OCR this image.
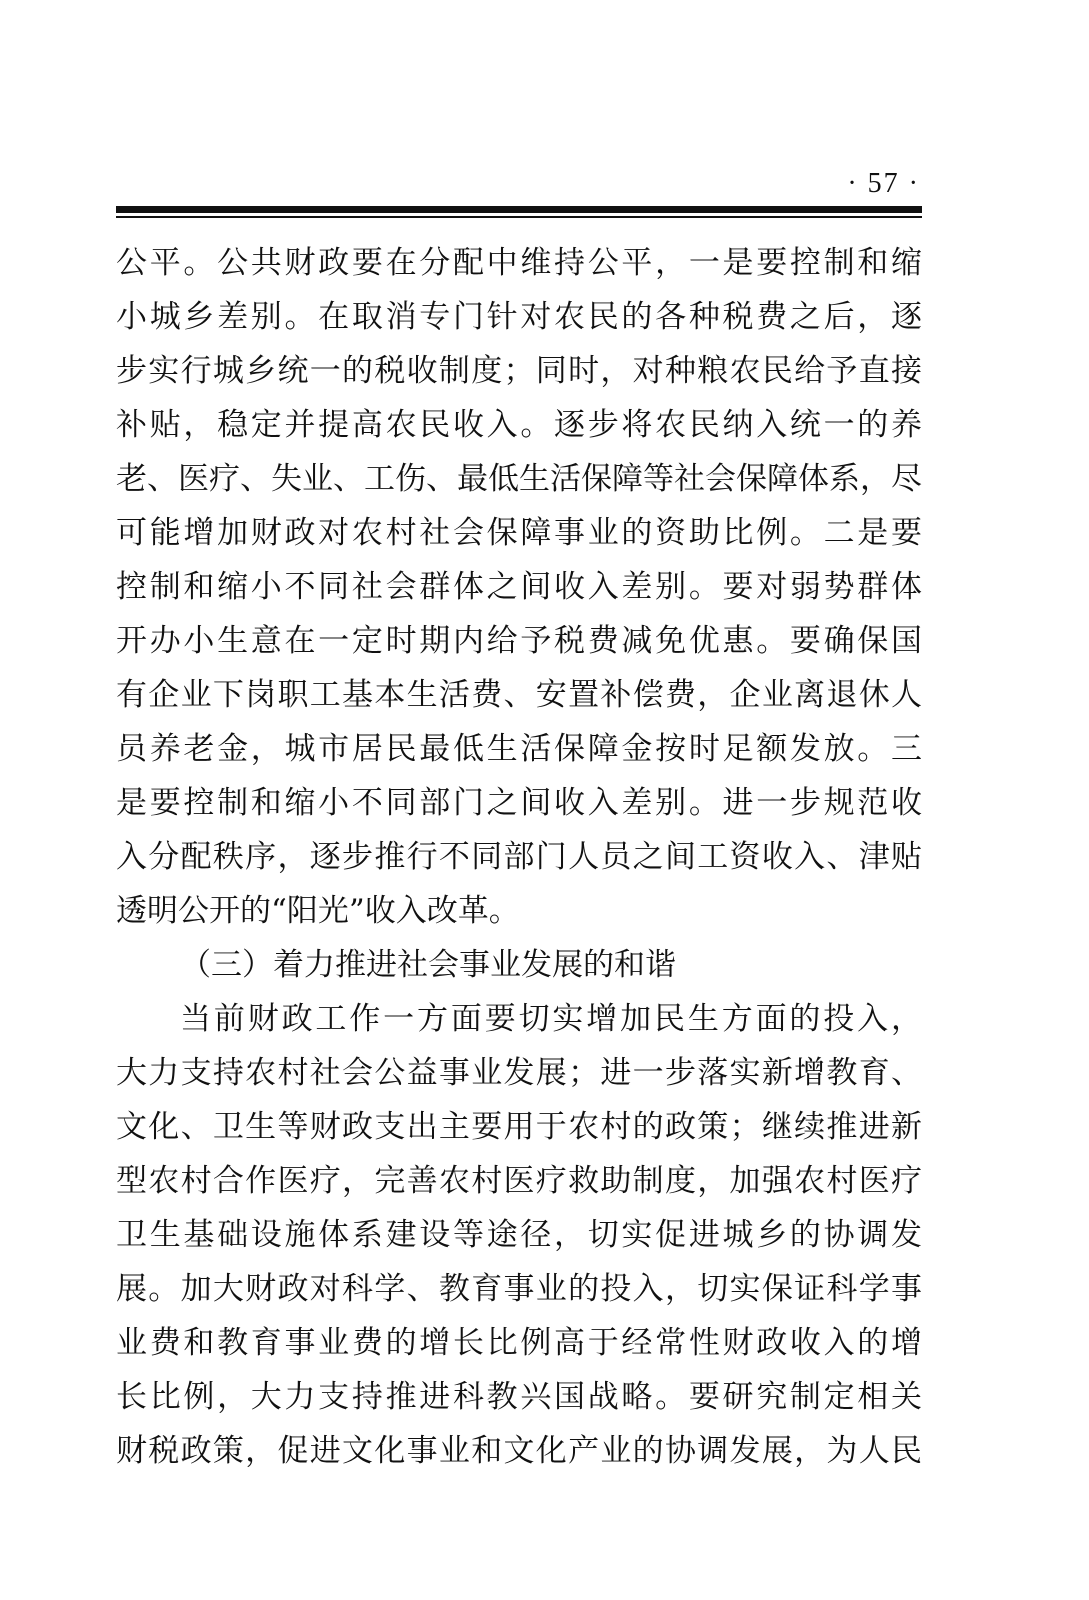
· 57 ·
公平。公共财政要在分配中维持公平，一是要控制和缩
小城乡差别。在取消专门针对农民的各种税费之后，逐
步实行城乡统一的税收制度；同时，对种粮农民给予直接
补贴，稳定并提高农民收入。逐步将农民纳入统一的养
老、医疗、失业、工伤、最低生活保障等社会保障体系，尽
可能增加财政对农村社会保障事业的资助比例。二是要
控制和缩小不同社会群体之间收入差别。要对弱势群体
开办小生意在一定时期内给予税费减免优惠。要确保国
有企业下岗职工基本生活费、安置补偿费，企业离退休人
员养老金，城市居民最低生活保障金按时足额发放。三
是要控制和缩小不同部门之间收入差别。进一步规范收
入分配秩序，逐步推行不同部门人员之间工资收入、津贴
透明公开的“阳光”收入改革。
（三）着力推进社会事业发展的和谐
当前财政工作一方面要切实增加民生方面的投入，
大力支持农村社会公益事业发展；进一步落实新增教育、
文化、卫生等财政支出主要用于农村的政策；继续推进新
型农村合作医疗，完善农村医疗救助制度，加强农村医疗
卫生基础设施体系建设等途径，切实促进城乡的协调发
展。加大财政对科学、教育事业的投入，切实保证科学事
业费和教育事业费的增长比例高于经常性财政收入的增
长比例，大力支持推进科教兴国战略。要研究制定相关
财税政策，促进文化事业和文化产业的协调发展，为人民
